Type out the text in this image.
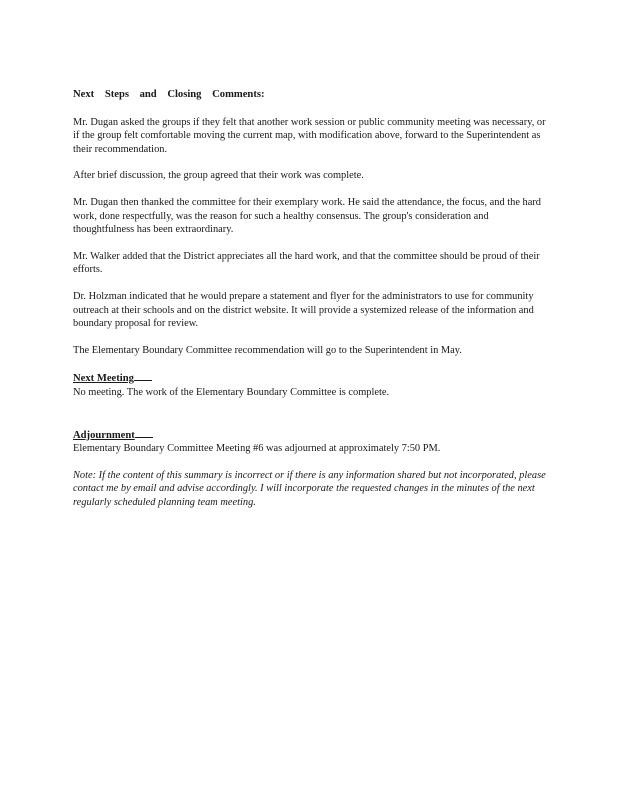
Next Steps and Closing Comments:

Mr. Dugan asked the groups if they felt that another work session or public community meeting was necessary, or if the group felt comfortable moving the current map, with modification above, forward to the Superintendent as their recommendation.

After brief discussion, the group agreed that their work was complete.

Mr. Dugan then thanked the committee for their exemplary work. He said the attendance, the focus, and the hard work, done respectfully, was the reason for such a healthy consensus. The group's consideration and thoughtfulness has been extraordinary.

Mr. Walker added that the District appreciates all the hard work, and that the committee should be proud of their efforts.

Dr. Holzman indicated that he would prepare a statement and flyer for the administrators to use for community outreach at their schools and on the district website. It will provide a systemized release of the information and boundary proposal for review.

The Elementary Boundary Committee recommendation will go to the Superintendent in May.

Next Meeting

No meeting. The work of the Elementary Boundary Committee is complete.

Adjournment

Elementary Boundary Committee Meeting #6 was adjourned at approximately 7:50 PM.

Note: If the content of this summary is incorrect or if there is any information shared but not incorporated, please contact me by email and advise accordingly. I will incorporate the requested changes in the minutes of the next regularly scheduled planning team meeting.
